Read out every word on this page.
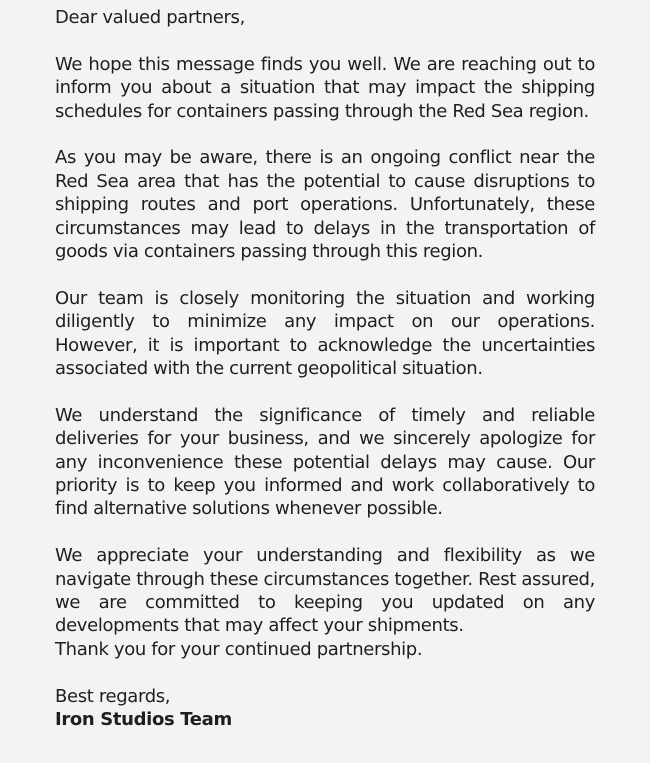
Dear valued partners,

We hope this message finds you well. We are reaching out to inform you about a situation that may impact the shipping schedules for containers passing through the Red Sea region.

As you may be aware, there is an ongoing conflict near the Red Sea area that has the potential to cause disruptions to shipping routes and port operations. Unfortunately, these circumstances may lead to delays in the transportation of goods via containers passing through this region.

Our team is closely monitoring the situation and working diligently to minimize any impact on our operations. However, it is important to acknowledge the uncertainties associated with the current geopolitical situation.

We understand the significance of timely and reliable deliveries for your business, and we sincerely apologize for any inconvenience these potential delays may cause. Our priority is to keep you informed and work collaboratively to find alternative solutions whenever possible.

We appreciate your understanding and flexibility as we navigate through these circumstances together. Rest assured, we are committed to keeping you updated on any developments that may affect your shipments.

Thank you for your continued partnership.

Best regards,

Iron Studios Team
